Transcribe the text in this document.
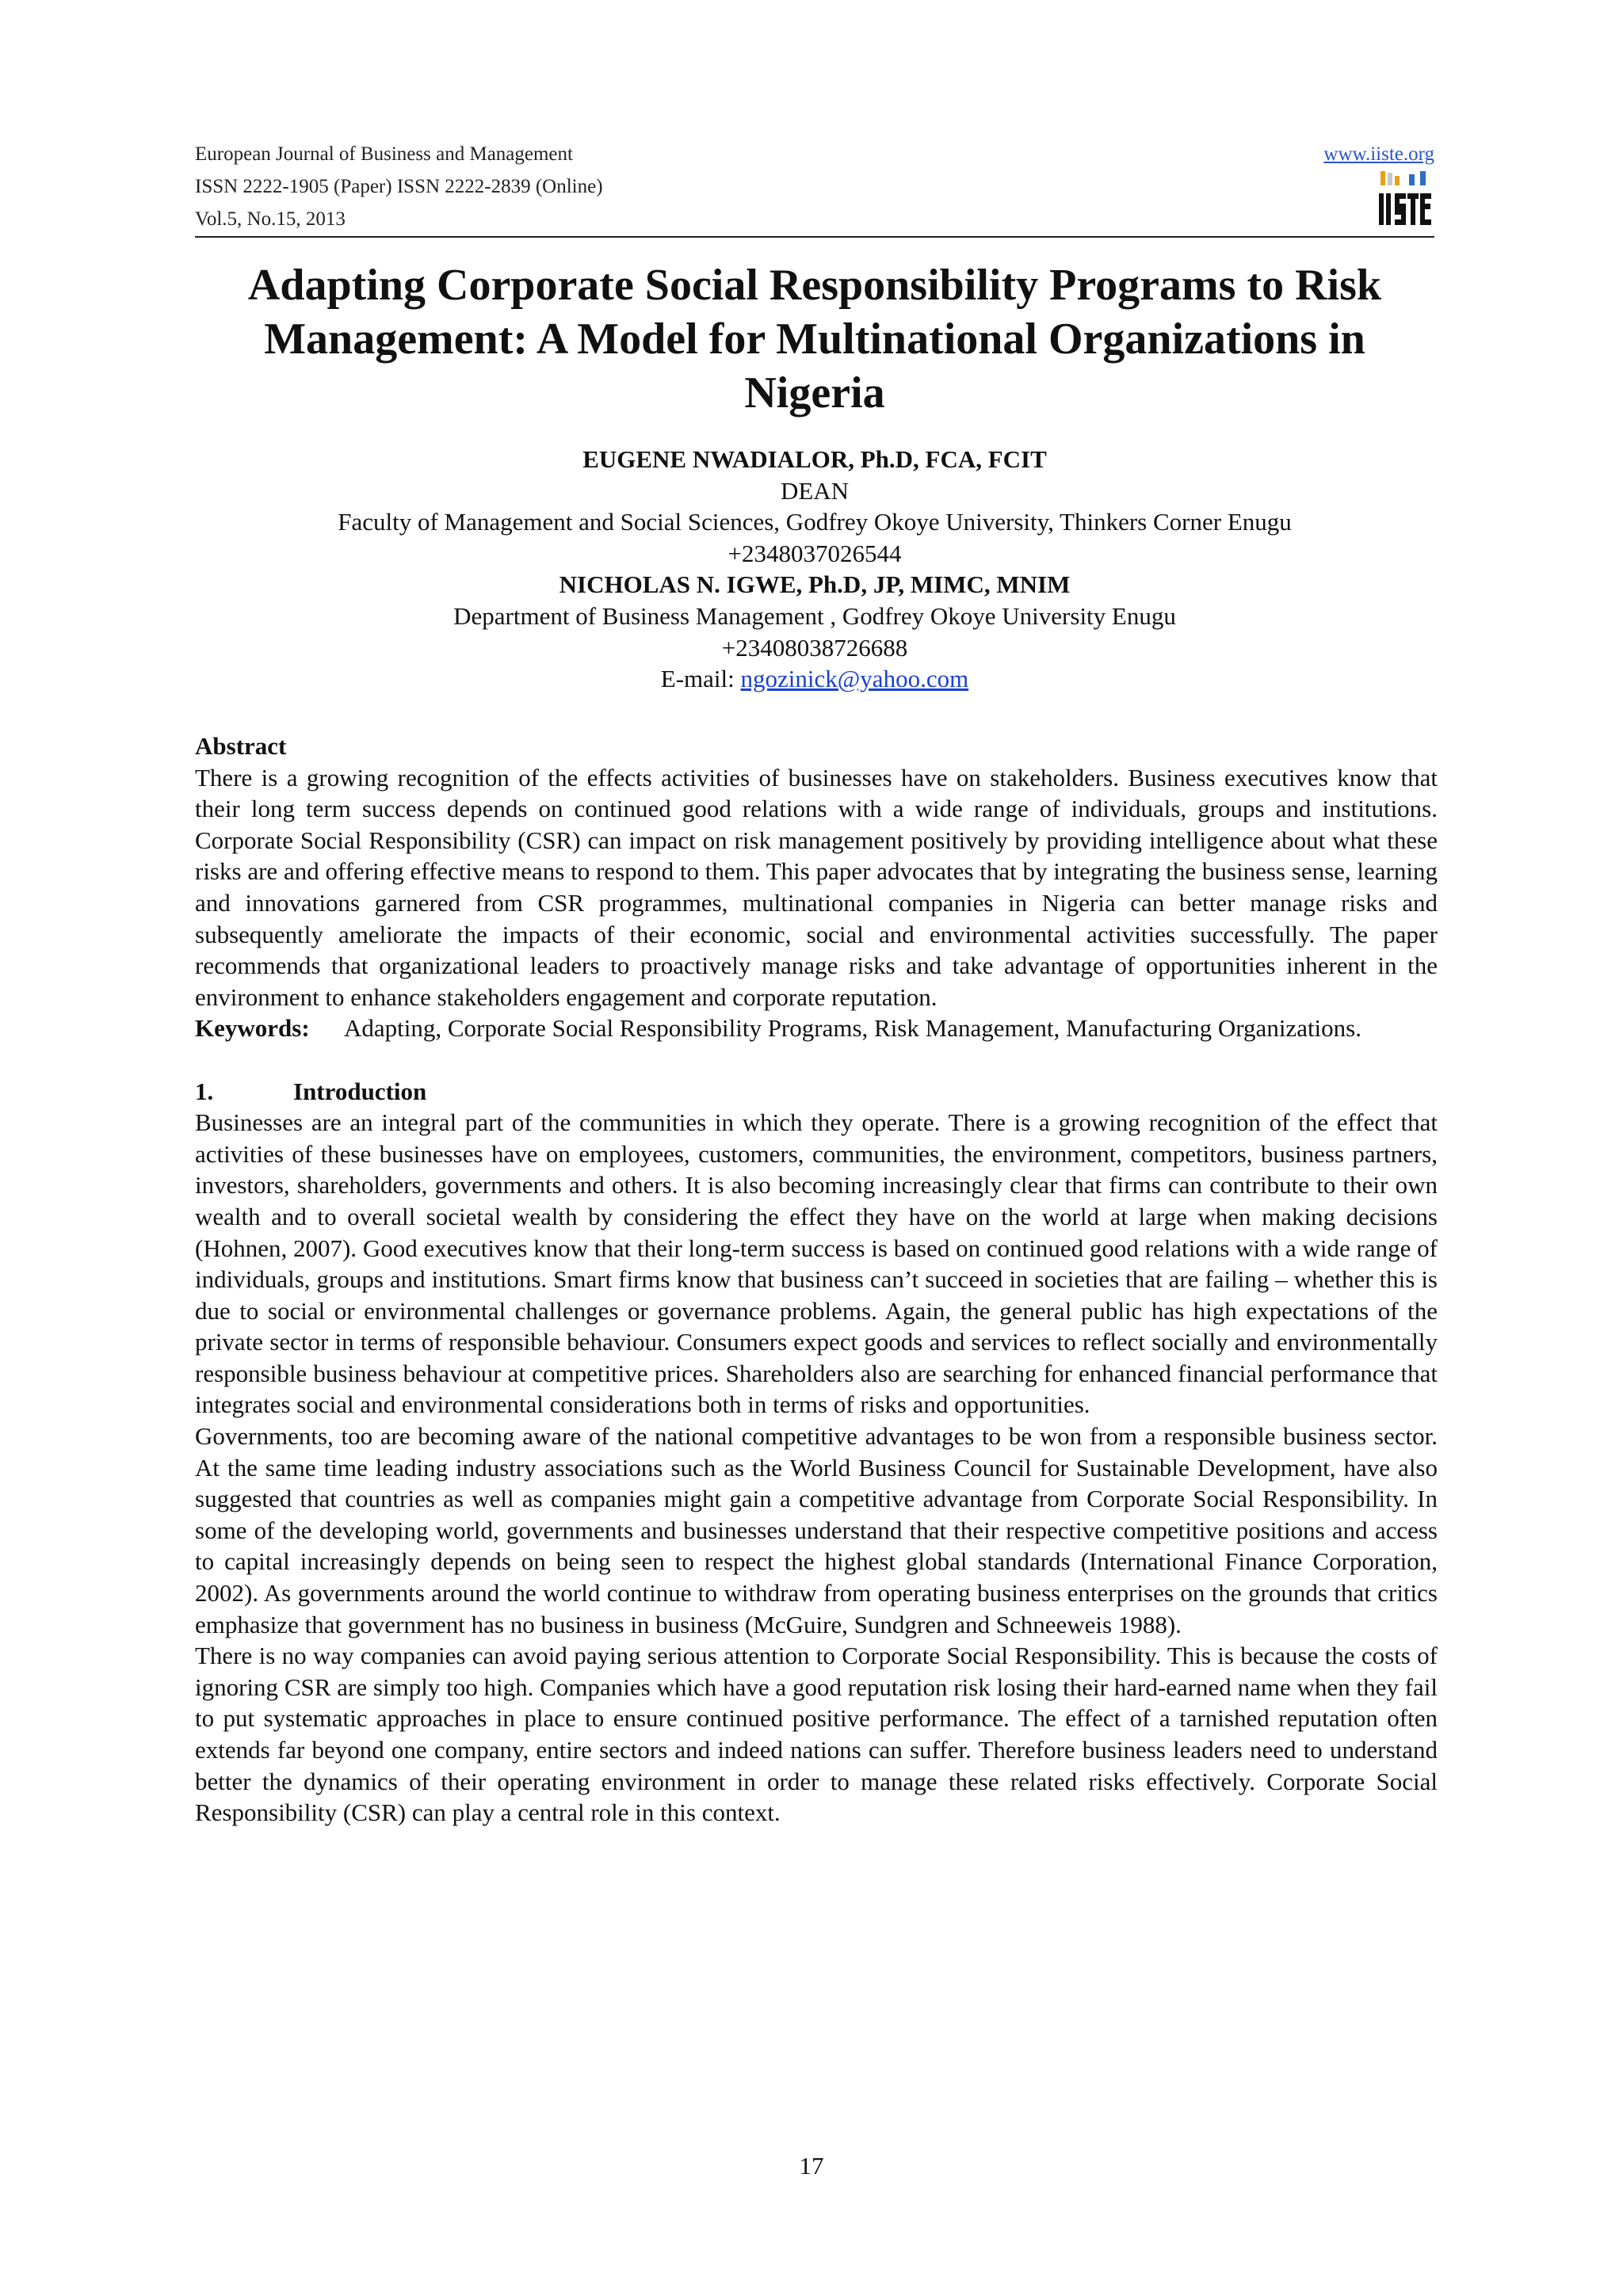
European Journal of Business and Management
ISSN 2222-1905 (Paper) ISSN 2222-2839 (Online)
Vol.5, No.15, 2013
www.iiste.org
Adapting Corporate Social Responsibility Programs to Risk Management: A Model for Multinational Organizations in Nigeria
EUGENE NWADIALOR, Ph.D, FCA, FCIT
DEAN
Faculty of Management and Social Sciences, Godfrey Okoye University, Thinkers Corner Enugu
+2348037026544
NICHOLAS N. IGWE, Ph.D, JP, MIMC, MNIM
Department of Business Management , Godfrey Okoye University Enugu
+23408038726688
E-mail: ngozinick@yahoo.com

Abstract

There is a growing recognition of the effects activities of businesses have on stakeholders. Business executives know that their long term success depends on continued good relations with a wide range of individuals, groups and institutions. Corporate Social Responsibility (CSR) can impact on risk management positively by providing intelligence about what these risks are and offering effective means to respond to them. This paper advocates that by integrating the business sense, learning and innovations garnered from CSR programmes, multinational companies in Nigeria can better manage risks and subsequently ameliorate the impacts of their economic, social and environmental activities successfully. The paper recommends that organizational leaders to proactively manage risks and take advantage of opportunities inherent in the environment to enhance stakeholders engagement and corporate reputation.

Keywords:	Adapting, Corporate Social Responsibility Programs, Risk Management, Manufacturing Organizations.
1.	Introduction

Businesses are an integral part of the communities in which they operate. There is a growing recognition of the effect that activities of these businesses have on employees, customers, communities, the environment, competitors, business partners, investors, shareholders, governments and others. It is also becoming increasingly clear that firms can contribute to their own wealth and to overall societal wealth by considering the effect they have on the world at large when making decisions (Hohnen, 2007). Good executives know that their long-term success is based on continued good relations with a wide range of individuals, groups and institutions. Smart firms know that business can’t succeed in societies that are failing – whether this is due to social or environmental challenges or governance problems. Again, the general public has high expectations of the private sector in terms of responsible behaviour. Consumers expect goods and services to reflect socially and environmentally responsible business behaviour at competitive prices. Shareholders also are searching for enhanced financial performance that integrates social and environmental considerations both in terms of risks and opportunities.

Governments, too are becoming aware of the national competitive advantages to be won from a responsible business sector. At the same time leading industry associations such as the World Business Council for Sustainable Development, have also suggested that countries as well as companies might gain a competitive advantage from Corporate Social Responsibility. In some of the developing world, governments and businesses understand that their respective competitive positions and access to capital increasingly depends on being seen to respect the highest global standards (International Finance Corporation, 2002). As governments around the world continue to withdraw from operating business enterprises on the grounds that critics emphasize that government has no business in business (McGuire, Sundgren and Schneeweis 1988).

There is no way companies can avoid paying serious attention to Corporate Social Responsibility. This is because the costs of ignoring CSR are simply too high. Companies which have a good reputation risk losing their hard-earned name when they fail to put systematic approaches in place to ensure continued positive performance. The effect of a tarnished reputation often extends far beyond one company, entire sectors and indeed nations can suffer. Therefore business leaders need to understand better the dynamics of their operating environment in order to manage these related risks effectively. Corporate Social Responsibility (CSR) can play a central role in this context.

17
